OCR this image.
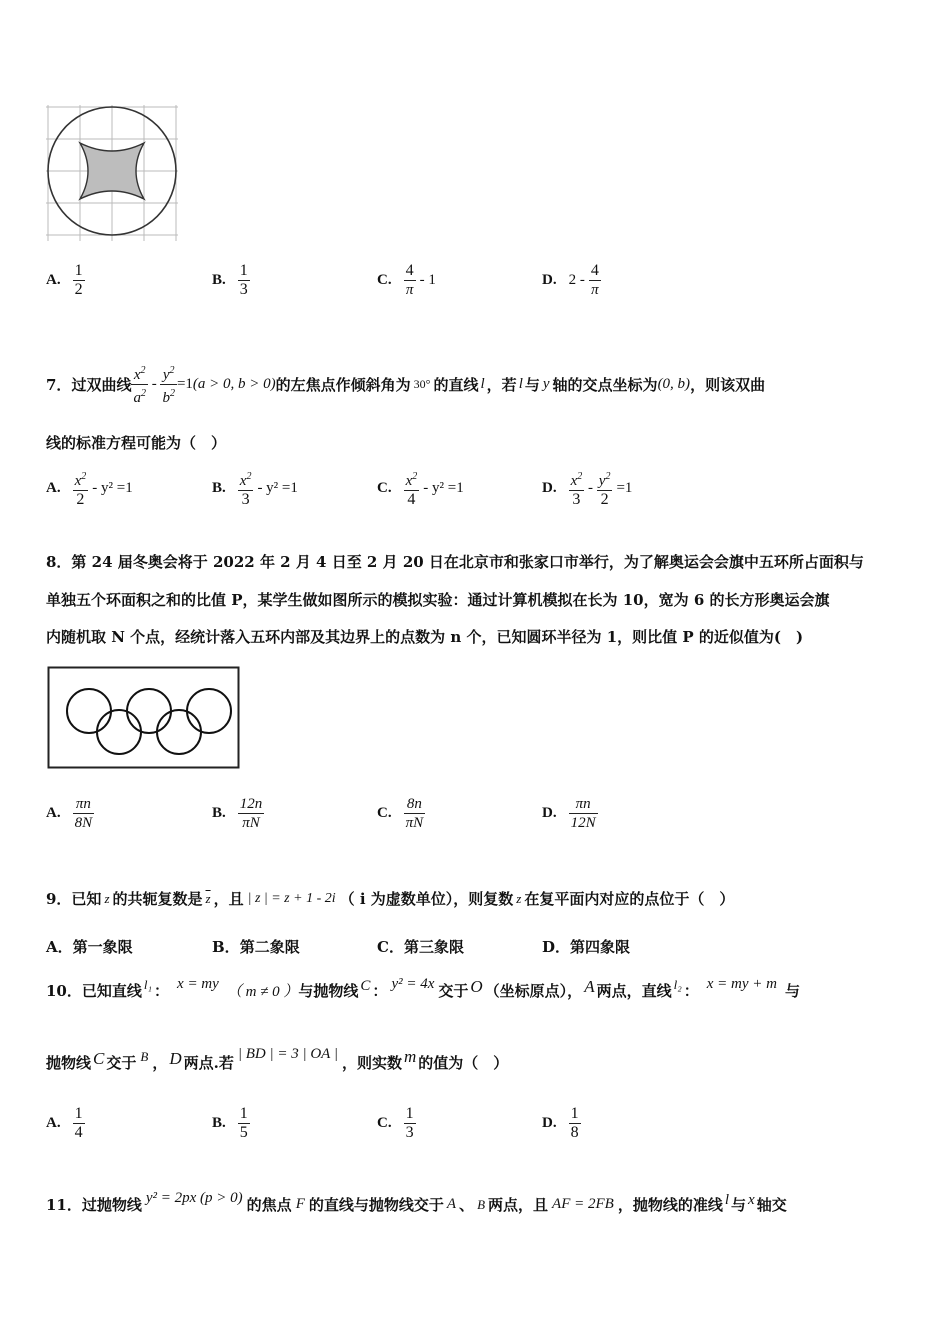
A. $\frac{1}{2}$	B. $\frac{1}{3}$	C. $\frac{4}{\pi} - 1$	D. $2 - \frac{4}{\pi}$
7． 过双曲线 $\frac{x^2}{a^2} - \frac{y^2}{b^2} =1$ (a > 0, b > 0) 的左焦点作倾斜角为 30° 的直线 l ，若 l 与 y 轴的交点坐标为 (0, b) ，则该双曲
线的标准方程可能为（　）
A. $\frac{x^2}{2} - y^2 =1$	B. $\frac{x^2}{3} - y^2 =1$	C. $\frac{x^2}{4} - y^2 =1$	D. $\frac{x^2}{3} - \frac{y^2}{2} =1$
8．第 24 届冬奥会将于 2022 年 2 月 4 日至 2 月 20 日在北京市和张家口市举行，为了解奥运会会旗中五环所占面积与
单独五个环面积之和的比值 P，某学生做如图所示的模拟实验：通过计算机模拟在长为 10，宽为 6 的长方形奥运会旗
内随机取 N 个点，经统计落入五环内部及其边界上的点数为 n 个，已知圆环半径为 1，则比值 P 的近似值为(　)
A. $\frac{\pi n}{8N}$	B. $\frac{12n}{\pi N}$	C. $\frac{8n}{\pi N}$	D. $\frac{\pi n}{12N}$
9．已知 z 的共轭复数是 $\overline{z}$ ，且 | z | = z + 1 - 2i （ i 为虚数单位），则复数 z 在复平面内对应的点位于（　）
A． 第一象限	B． 第二象限	C． 第三象限	D． 第四象限
10．已知直线 l₁ ： x = my （ m ≠ 0 ） 与抛物线 C ： y² = 4x 交于 O （坐标原点）， A 两点，直线 l₂ ： x = my + m 与
抛物线 C 交于 B ， D 两点.若 | BD | = 3 | OA | ，则实数 m 的值为（　）
A. $\frac{1}{4}$	B. $\frac{1}{5}$	C. $\frac{1}{3}$	D. $\frac{1}{8}$
11．过抛物线 y² = 2px (p > 0) 的焦点 F 的直线与抛物线交于 A 、 B 两点，且 AF = 2FB ，抛物线的准线 l 与 x 轴交
